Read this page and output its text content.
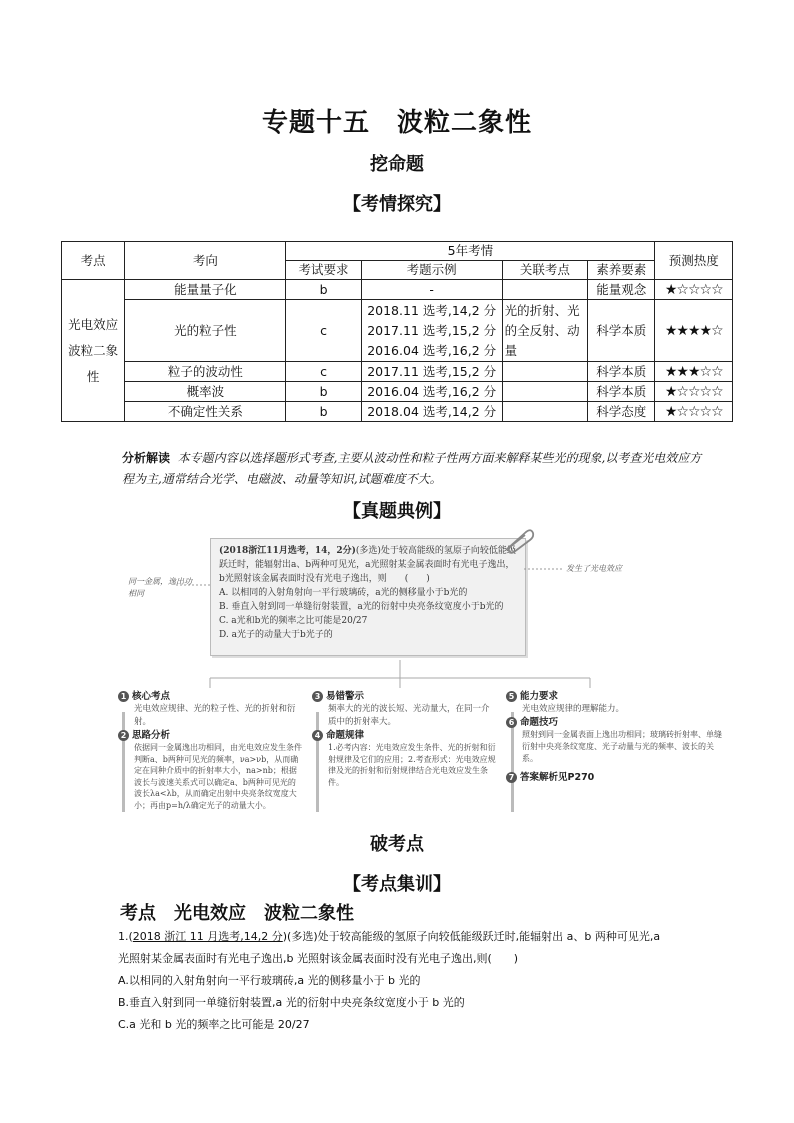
专题十五　波粒二象性
挖命题
【考情探究】
考点	考向	5年考情				预测热度
		考试要求	考题示例	关联考点	素养要素	

光电效应
波粒二象
性	能量量子化	b	-		能量观念	★☆☆☆☆
	光的粒子性	c	2018.11 选考,14,2 分
2017.11 选考,15,2 分
2016.04 选考,16,2 分	光的折射、光的全反射、动量	科学本质	★★★★☆
	粒子的波动性	c	2017.11 选考,15,2 分		科学本质	★★★☆☆
	概率波	b	2016.04 选考,16,2 分		科学本质	★☆☆☆☆
	不确定性关系	b	2018.04 选考,14,2 分		科学态度	★☆☆☆☆
分析解读 本专题内容以选择题形式考查,主要从波动性和粒子性两方面来解释某些光的现象,以考查光电效应方程为主,通常结合光学、电磁波、动量等知识,试题难度不大。
【真题典例】
(2018浙江11月选考，14，2分)(多选)处于较高能级的氢原子向较低能级跃迁时，能辐射出a、b两种可见光，a光照射某金属表面时有光电子逸出，b光照射该金属表面时没有光电子逸出，则　　(　　)
A. 以相同的入射角射向一平行玻璃砖，a光的侧移量小于b光的
B. 垂直入射到同一单缝衍射装置，a光的衍射中央亮条纹宽度小于b光的
C. a光和b光的频率之比可能是20/27
D. a光子的动量大于b光子的
同一金属，逸出功相同
发生了光电效应
1 核心考点
光电效应规律、光的粒子性、光的折射和衍射。
2 思路分析
依据同一金属逸出功相同，由光电效应发生条件判断a、b两种可见光的频率，νa>νb，从而确定在同种介质中的折射率大小，na>nb；根据波长与波速关系式可以确定a、b两种可见光的波长λa<λb，从而确定出射中央亮条纹宽度大小；再由p=h/λ确定光子的动量大小。
3 易错警示
频率大的光的波长短、光动量大，在同一介质中的折射率大。
4 命题规律
1.必考内容：光电效应发生条件、光的折射和衍射规律及它们的应用；2.考查形式：光电效应规律及光的折射和衍射规律结合光电效应发生条件。
5 能力要求
光电效应规律的理解能力。
6 命题技巧
照射到同一金属表面上逸出功相同；玻璃砖折射率、单缝衍射中央亮条纹宽度、光子动量与光的频率、波长的关系。
7 答案解析见P270
破考点
【考点集训】
考点　光电效应　波粒二象性
1.(2018 浙江 11 月选考,14,2 分)(多选)处于较高能级的氢原子向较低能级跃迁时,能辐射出 a、b 两种可见光,a
光照射某金属表面时有光电子逸出,b 光照射该金属表面时没有光电子逸出,则(　　)
A.以相同的入射角射向一平行玻璃砖,a 光的侧移量小于 b 光的
B.垂直入射到同一单缝衍射装置,a 光的衍射中央亮条纹宽度小于 b 光的
C.a 光和 b 光的频率之比可能是 20/27
